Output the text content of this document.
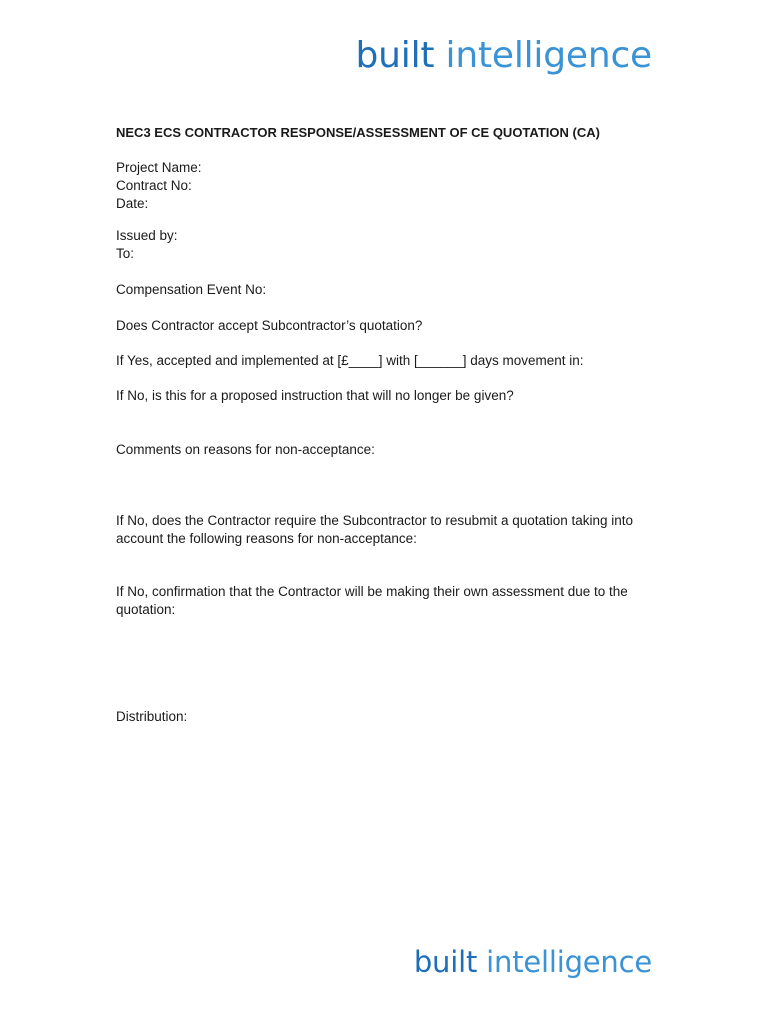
built intelligence
NEC3 ECS CONTRACTOR RESPONSE/ASSESSMENT OF CE QUOTATION (CA)
Project Name:
Contract No:
Date:
Issued by:
To:
Compensation Event No:
Does Contractor accept Subcontractor’s quotation?
If Yes, accepted and implemented at [£____] with [______] days movement in:
If No, is this for a proposed instruction that will no longer be given?
Comments on reasons for non-acceptance:
If No, does the Contractor require the Subcontractor to resubmit a quotation taking into account the following reasons for non-acceptance:
If No, confirmation that the Contractor will be making their own assessment due to the quotation:
Distribution:
built intelligence
